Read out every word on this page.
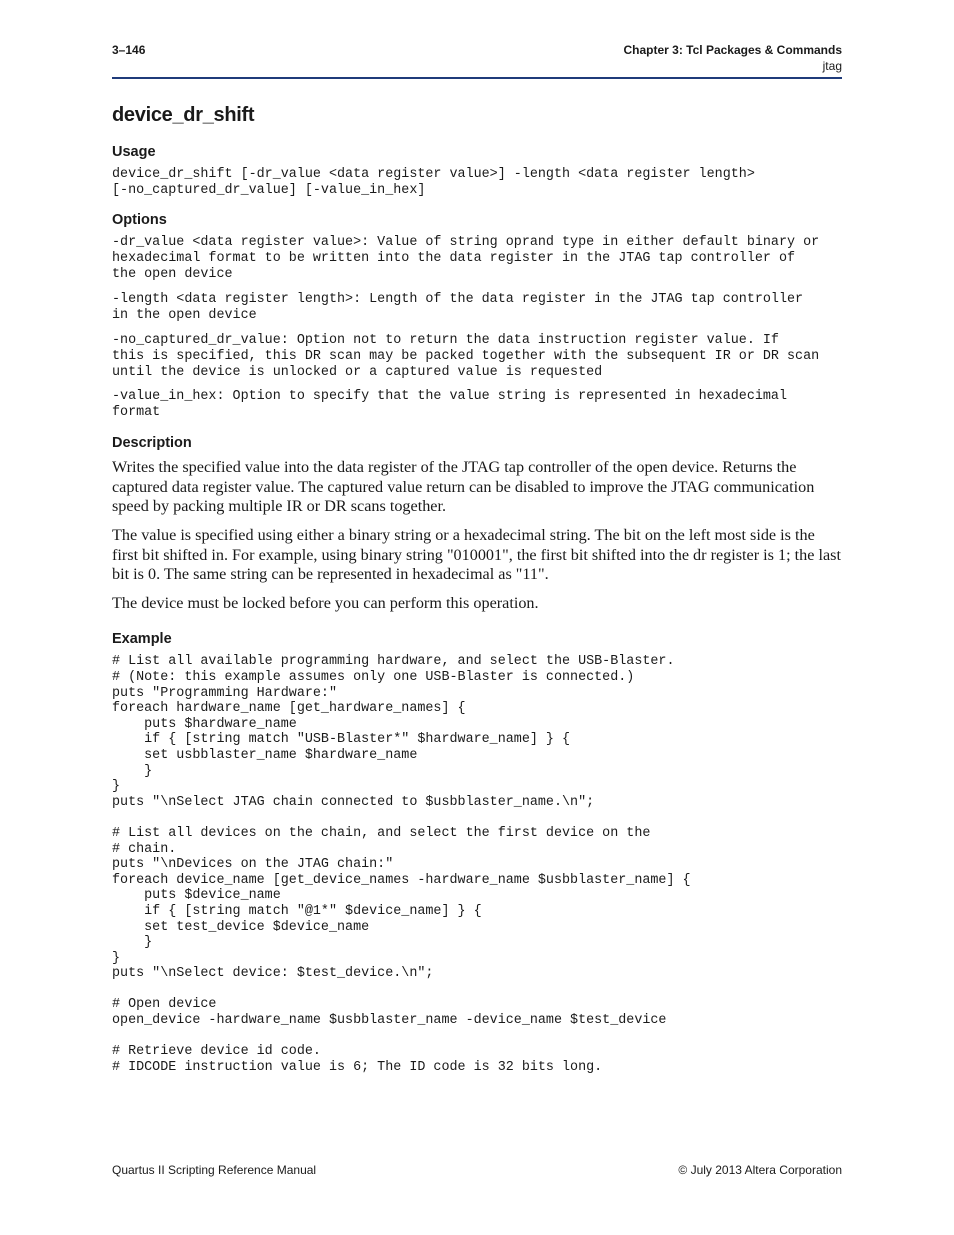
3–146	Chapter 3: Tcl Packages & Commands
jtag
device_dr_shift
Usage
device_dr_shift [-dr_value <data register value>] -length <data register length>
[-no_captured_dr_value] [-value_in_hex]
Options
-dr_value <data register value>: Value of string oprand type in either default binary or
hexadecimal format to be written into the data register in the JTAG tap controller of
the open device
-length <data register length>: Length of the data register in the JTAG tap controller
in the open device
-no_captured_dr_value: Option not to return the data instruction register value. If
this is specified, this DR scan may be packed together with the subsequent IR or DR scan
until the device is unlocked or a captured value is requested
-value_in_hex: Option to specify that the value string is represented in hexadecimal
format
Description

Writes the specified value into the data register of the JTAG tap controller of the open device. Returns the captured data register value. The captured value return can be disabled to improve the JTAG communication speed by packing multiple IR or DR scans together.

The value is specified using either a binary string or a hexadecimal string. The bit on the left most side is the first bit shifted in. For example, using binary string "010001", the first bit shifted into the dr register is 1; the last bit is 0. The same string can be represented in hexadecimal as "11".

The device must be locked before you can perform this operation.

Example
# List all available programming hardware, and select the USB-Blaster.
# (Note: this example assumes only one USB-Blaster is connected.)
puts "Programming Hardware:"
foreach hardware_name [get_hardware_names] {
puts $hardware_name
if { [string match "USB-Blaster*" $hardware_name] } {
set usbblaster_name $hardware_name
}
}
puts "\nSelect JTAG chain connected to $usbblaster_name.\n";

# List all devices on the chain, and select the first device on the
# chain.
puts "\nDevices on the JTAG chain:"
foreach device_name [get_device_names -hardware_name $usbblaster_name] {
puts $device_name
if { [string match "@1*" $device_name] } {
set test_device $device_name
}
}
puts "\nSelect device: $test_device.\n";

# Open device
open_device -hardware_name $usbblaster_name -device_name $test_device

# Retrieve device id code.
# IDCODE instruction value is 6; The ID code is 32 bits long.
Quartus II Scripting Reference Manual	© July 2013 Altera Corporation
